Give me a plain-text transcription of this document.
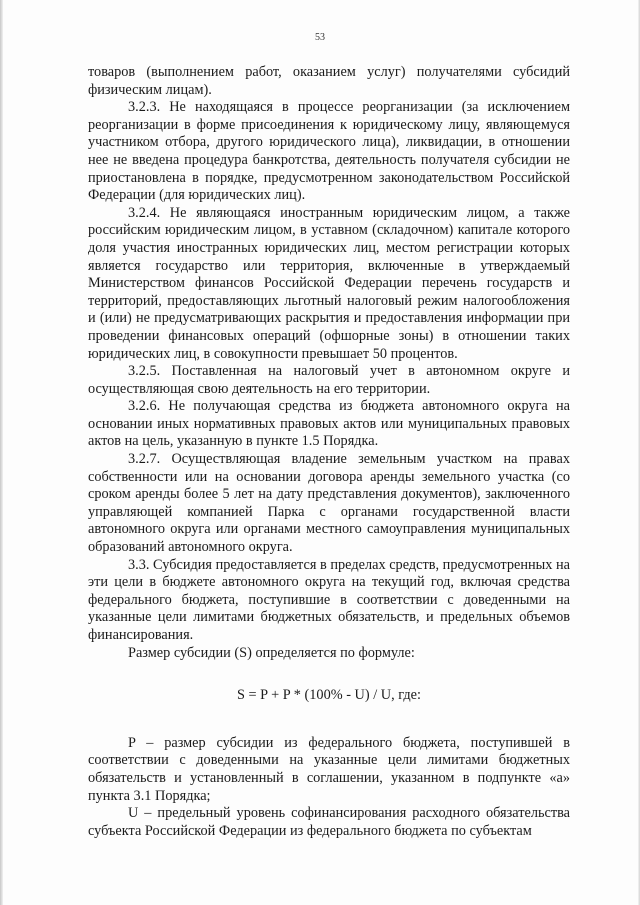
53

товаров (выполнением работ, оказанием услуг) получателями субсидий физическим лицам).

3.2.3. Не находящаяся в процессе реорганизации (за исключением реорганизации в форме присоединения к юридическому лицу, являющемуся участником отбора, другого юридического лица), ликвидации, в отношении нее не введена процедура банкротства, деятельность получателя субсидии не приостановлена в порядке, предусмотренном законодательством Российской Федерации (для юридических лиц).

3.2.4. Не являющаяся иностранным юридическим лицом, а также российским юридическим лицом, в уставном (складочном) капитале которого доля участия иностранных юридических лиц, местом регистрации которых является государство или территория, включенные в утверждаемый Министерством финансов Российской Федерации перечень государств и территорий, предоставляющих льготный налоговый режим налогообложения и (или) не предусматривающих раскрытия и предоставления информации при проведении финансовых операций (офшорные зоны) в отношении таких юридических лиц, в совокупности превышает 50 процентов.

3.2.5. Поставленная на налоговый учет в автономном округе и осуществляющая свою деятельность на его территории.

3.2.6. Не получающая средства из бюджета автономного округа на основании иных нормативных правовых актов или муниципальных правовых актов на цель, указанную в пункте 1.5 Порядка.

3.2.7. Осуществляющая владение земельным участком на правах собственности или на основании договора аренды земельного участка (со сроком аренды более 5 лет на дату представления документов), заключенного управляющей компанией Парка с органами государственной власти автономного округа или органами местного самоуправления муниципальных образований автономного округа.

3.3. Субсидия предоставляется в пределах средств, предусмотренных на эти цели в бюджете автономного округа на текущий год, включая средства федерального бюджета, поступившие в соответствии с доведенными на указанные цели лимитами бюджетных обязательств, и предельных объемов финансирования.

Размер субсидии (S) определяется по формуле:

S = P + P * (100% - U) / U, где:

P – размер субсидии из федерального бюджета, поступившей в соответствии с доведенными на указанные цели лимитами бюджетных обязательств и установленный в соглашении, указанном в подпункте «а» пункта 3.1 Порядка;

U – предельный уровень софинансирования расходного обязательства субъекта Российской Федерации из федерального бюджета по субъектам
